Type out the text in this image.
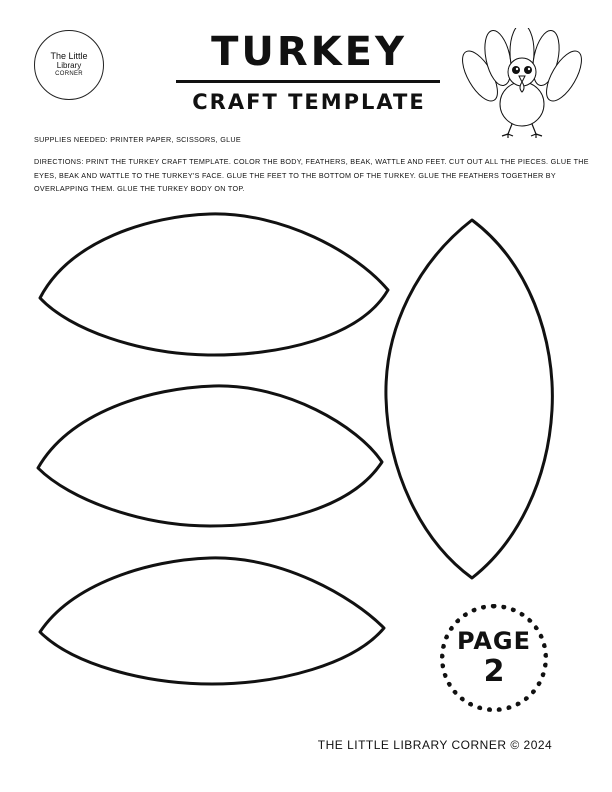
The Little
Library
CORNER	TURKEY
CRAFT TEMPLATE
SUPPLIES NEEDED: PRINTER PAPER, SCISSORS, GLUE
DIRECTIONS: PRINT THE TURKEY CRAFT TEMPLATE. COLOR THE BODY, FEATHERS, BEAK, WATTLE AND FEET. CUT OUT ALL THE PIECES. GLUE THE EYES, BEAK AND WATTLE TO THE TURKEY'S FACE. GLUE THE FEET TO THE BOTTOM OF THE TURKEY. GLUE THE FEATHERS TOGETHER BY OVERLAPPING THEM. GLUE THE TURKEY BODY ON TOP.
PAGE
2
THE LITTLE LIBRARY CORNER © 2024
